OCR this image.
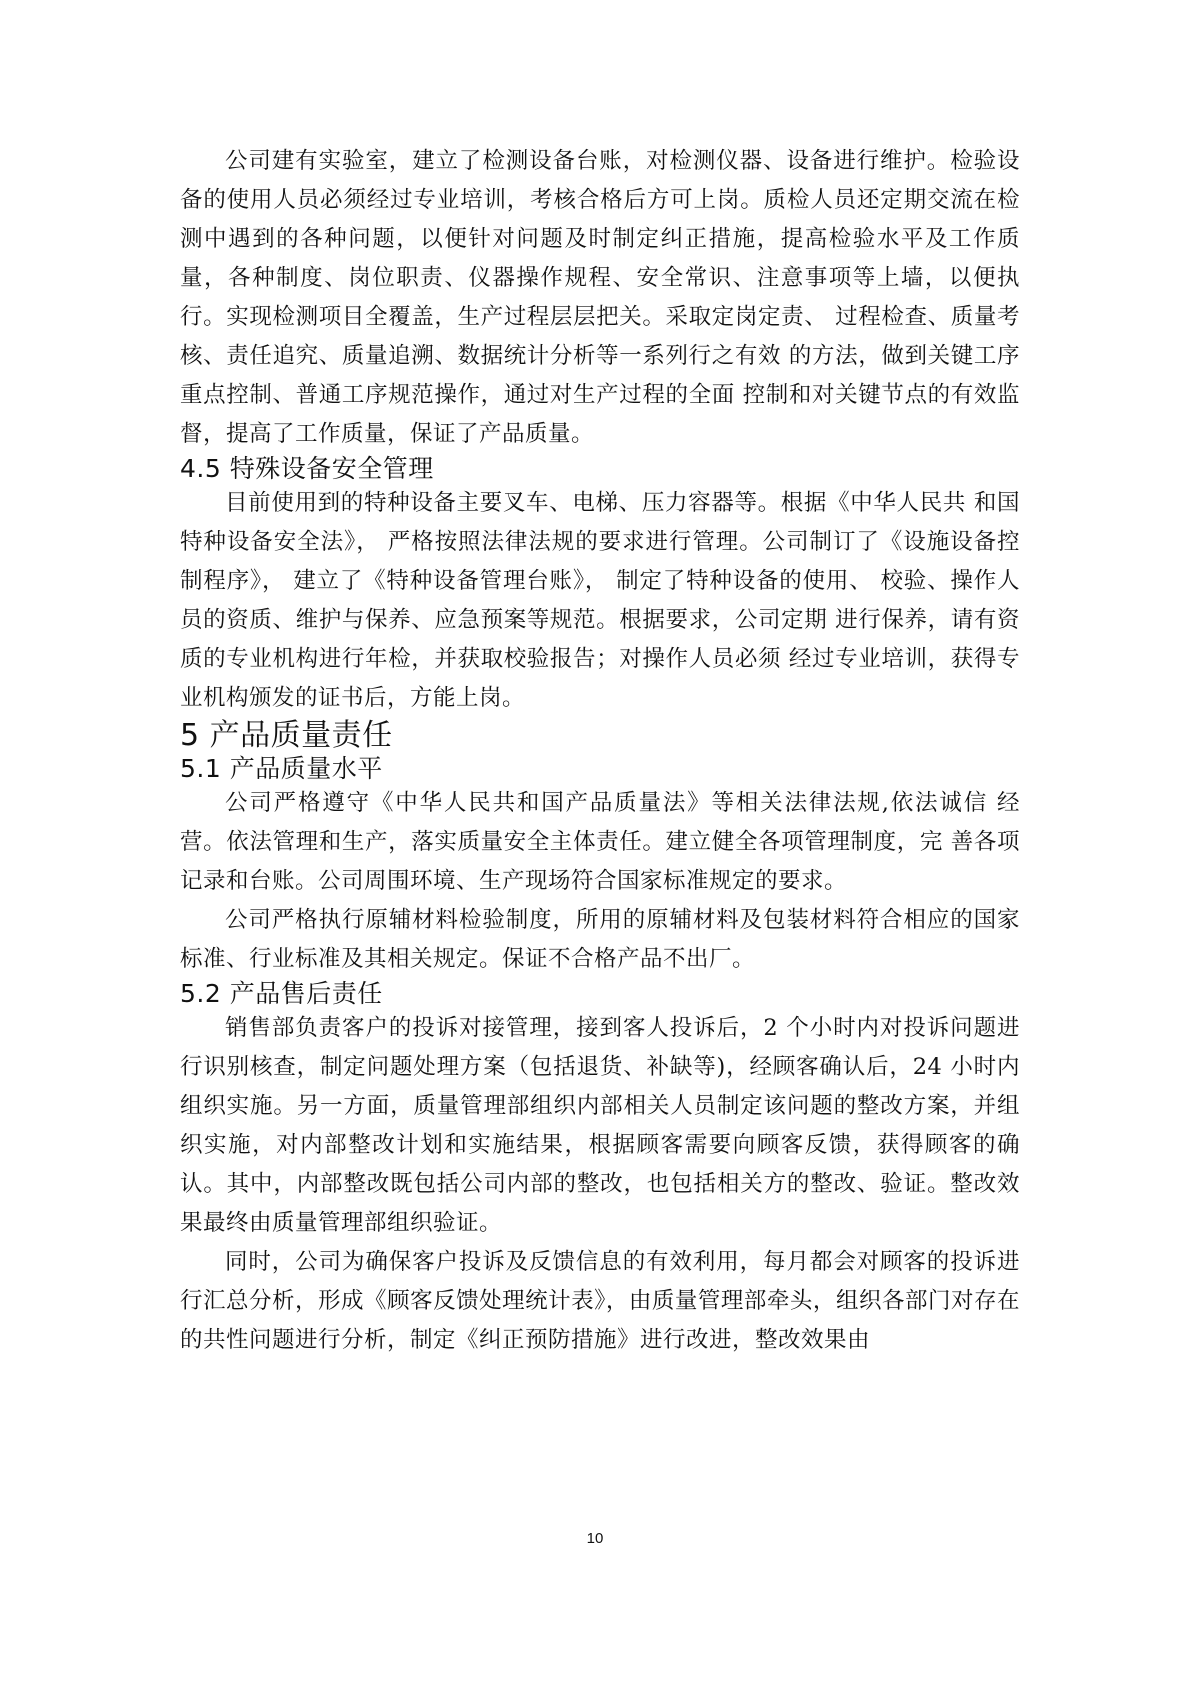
公司建有实验室，建立了检测设备台账，对检测仪器、设备进行维护。检验设备的使用人员必须经过专业培训，考核合格后方可上岗。质检人员还定期交流在检测中遇到的各种问题，以便针对问题及时制定纠正措施，提高检验水平及工作质量，各种制度、岗位职责、仪器操作规程、安全常识、注意事项等上墙，以便执行。实现检测项目全覆盖，生产过程层层把关。采取定岗定责、 过程检查、质量考核、责任追究、质量追溯、数据统计分析等一系列行之有效 的方法，做到关键工序重点控制、普通工序规范操作，通过对生产过程的全面 控制和对关键节点的有效监督，提高了工作质量，保证了产品质量。

4.5 特殊设备安全管理

目前使用到的特种设备主要叉车、电梯、压力容器等。根据《中华人民共 和国特种设备安全法》， 严格按照法律法规的要求进行管理。公司制订了《设施设备控制程序》， 建立了《特种设备管理台账》， 制定了特种设备的使用、 校验、操作人员的资质、维护与保养、应急预案等规范。根据要求，公司定期 进行保养，请有资质的专业机构进行年检，并获取校验报告；对操作人员必须 经过专业培训，获得专业机构颁发的证书后，方能上岗。

5 产品质量责任
5.1 产品质量水平

公司严格遵守《中华人民共和国产品质量法》等相关法律法规,依法诚信 经营。依法管理和生产，落实质量安全主体责任。建立健全各项管理制度，完 善各项记录和台账。公司周围环境、生产现场符合国家标准规定的要求。

公司严格执行原辅材料检验制度，所用的原辅材料及包装材料符合相应的国家标准、行业标准及其相关规定。保证不合格产品不出厂。

5.2 产品售后责任

销售部负责客户的投诉对接管理，接到客人投诉后，2 个小时内对投诉问题进行识别核查，制定问题处理方案（包括退货、补缺等)，经顾客确认后，24 小时内组织实施。另一方面，质量管理部组织内部相关人员制定该问题的整改方案，并组织实施，对内部整改计划和实施结果，根据顾客需要向顾客反馈，获得顾客的确认。其中，内部整改既包括公司内部的整改，也包括相关方的整改、验证。整改效果最终由质量管理部组织验证。

同时，公司为确保客户投诉及反馈信息的有效利用，每月都会对顾客的投诉进行汇总分析，形成《顾客反馈处理统计表》，由质量管理部牵头，组织各部门对存在的共性问题进行分析，制定《纠正预防措施》进行改进，整改效果由

10
